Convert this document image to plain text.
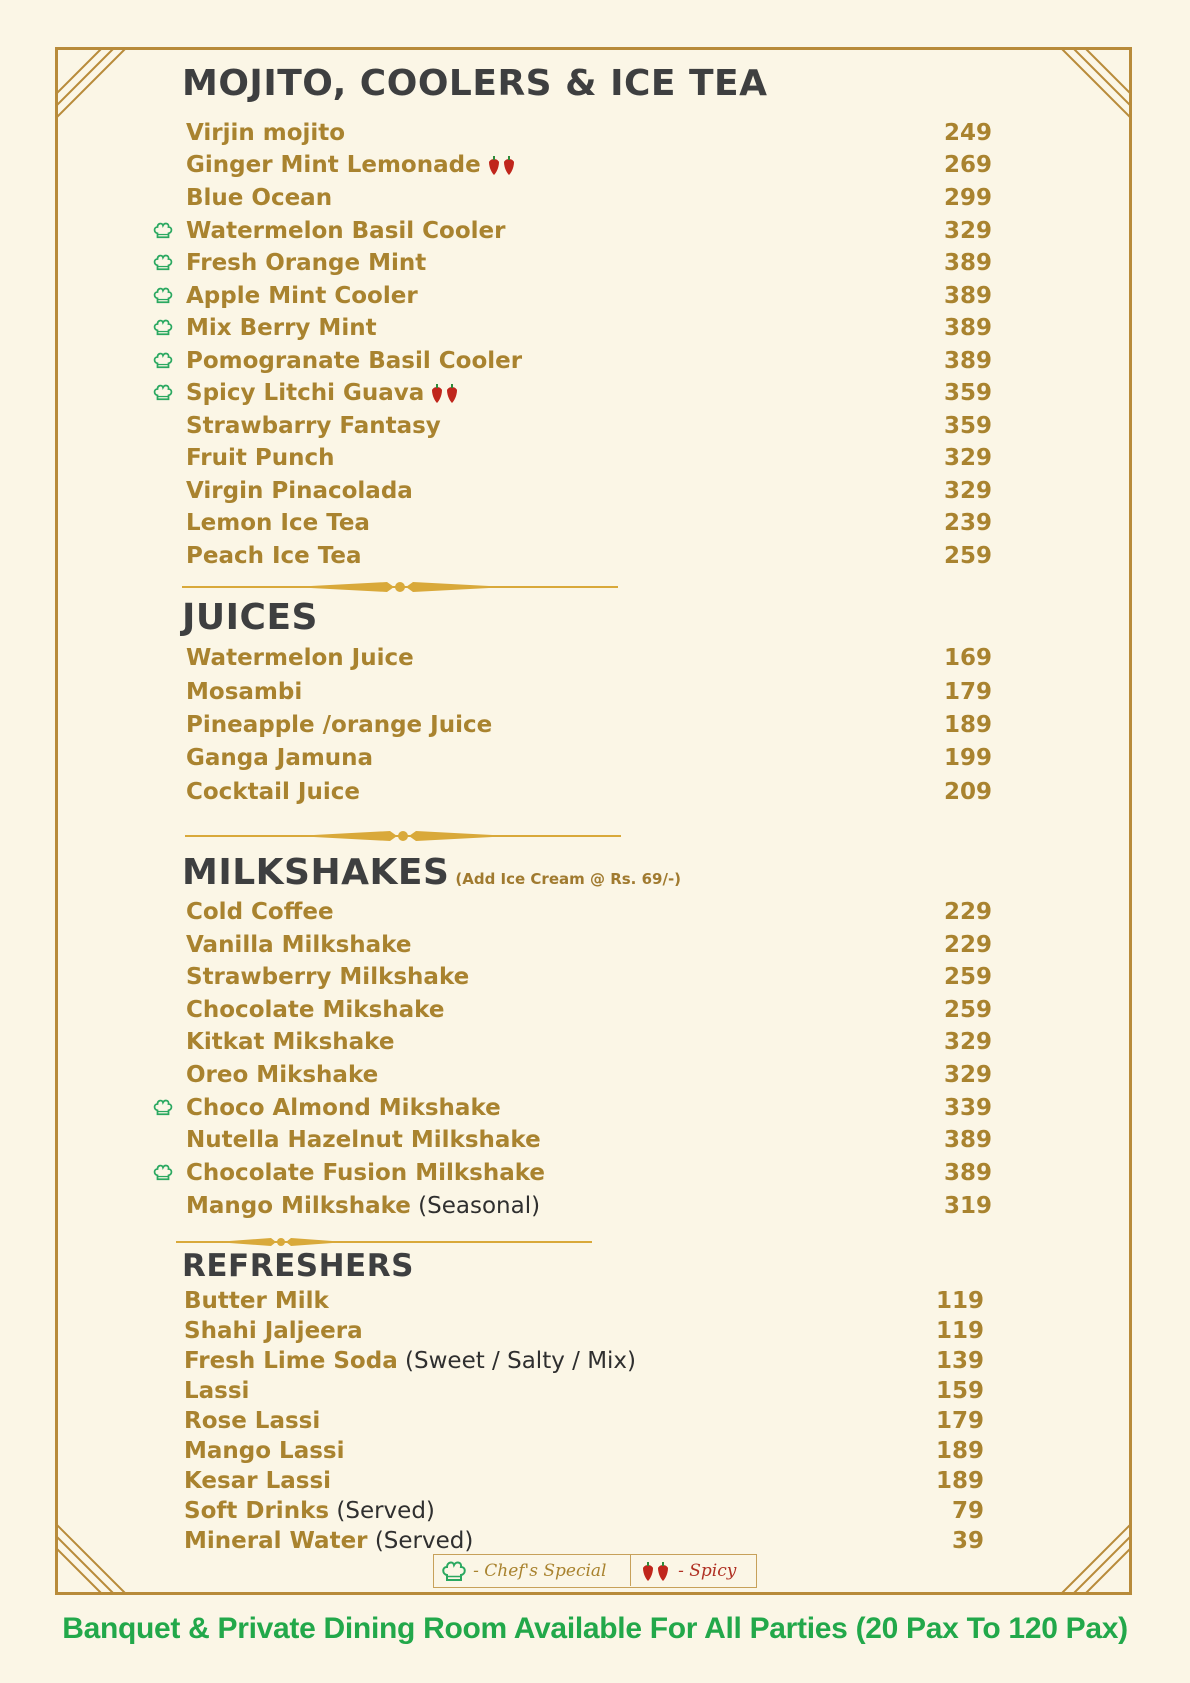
MOJITO, COOLERS & ICE TEA
JUICES
MILKSHAKES (Add Ice Cream @ Rs. 69/-)
REFRESHERS
Virjin mojito	249
Ginger Mint Lemonade	269
Blue Ocean	299
Watermelon Basil Cooler	329
Fresh Orange Mint	389
Apple Mint Cooler	389
Mix Berry Mint	389
Pomogranate Basil Cooler	389
Spicy Litchi Guava	359
Strawbarry Fantasy	359
Fruit Punch	329
Virgin Pinacolada	329
Lemon Ice Tea	239
Peach Ice Tea	259
Watermelon Juice	169
Mosambi	179
Pineapple /orange Juice	189
Ganga Jamuna	199
Cocktail Juice	209
Cold Coffee	229
Vanilla Milkshake	229
Strawberry Milkshake	259
Chocolate Mikshake	259
Kitkat Mikshake	329
Oreo Mikshake	329
Choco Almond Mikshake	339
Nutella Hazelnut Milkshake	389
Chocolate Fusion Milkshake	389
Mango Milkshake (Seasonal)	319
Butter Milk	119
Shahi Jaljeera	119
Fresh Lime Soda (Sweet / Salty / Mix)	139
Lassi	159
Rose Lassi	179
Mango Lassi	189
Kesar Lassi	189
Soft Drinks (Served)	79
Mineral Water (Served)	39
- Chef's Special	- Spicy
Banquet & Private Dining Room Available For All Parties (20 Pax To 120 Pax)
